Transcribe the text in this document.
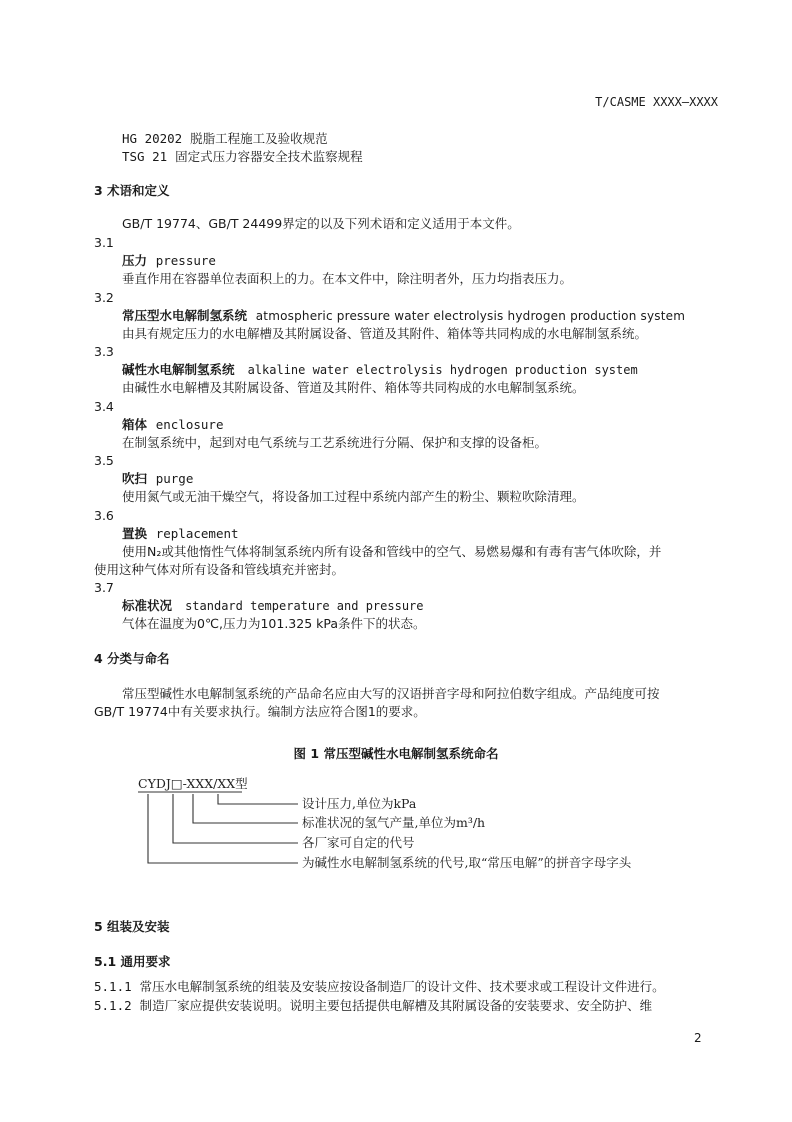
T/CASME XXXX—XXXX
HG 20202 脱脂工程施工及验收规范
TSG 21 固定式压力容器安全技术监察规程
3 术语和定义
GB/T 19774、GB/T 24499界定的以及下列术语和定义适用于本文件。
3.1
压力 pressure
垂直作用在容器单位表面积上的力。在本文件中，除注明者外，压力均指表压力。
3.2
常压型水电解制氢系统 atmospheric pressure water electrolysis hydrogen production system
由具有规定压力的水电解槽及其附属设备、管道及其附件、箱体等共同构成的水电解制氢系统。
3.3
碱性水电解制氢系统 alkaline water electrolysis hydrogen production system
由碱性水电解槽及其附属设备、管道及其附件、箱体等共同构成的水电解制氢系统。
3.4
箱体 enclosure
在制氢系统中，起到对电气系统与工艺系统进行分隔、保护和支撑的设备柜。
3.5
吹扫 purge
使用氮气或无油干燥空气，将设备加工过程中系统内部产生的粉尘、颗粒吹除清理。
3.6
置换 replacement
使用N₂或其他惰性气体将制氢系统内所有设备和管线中的空气、易燃易爆和有毒有害气体吹除，并
使用这种气体对所有设备和管线填充并密封。
3.7
标准状况 standard temperature and pressure
气体在温度为0℃,压力为101.325 kPa条件下的状态。
4 分类与命名
常压型碱性水电解制氢系统的产品命名应由大写的汉语拼音字母和阿拉伯数字组成。产品纯度可按
GB/T 19774中有关要求执行。编制方法应符合图1的要求。
图 1 常压型碱性水电解制氢系统命名
CYDJ□-XXX/XX型
设计压力,单位为kPa
标准状况的氢气产量,单位为m³/h
各厂家可自定的代号
为碱性水电解制氢系统的代号,取“常压电解”的拼音字母字头
5 组装及安装
5.1 通用要求
5.1.1 常压水电解制氢系统的组装及安装应按设备制造厂的设计文件、技术要求或工程设计文件进行。
5.1.2 制造厂家应提供安装说明。说明主要包括提供电解槽及其附属设备的安装要求、安全防护、维
2
